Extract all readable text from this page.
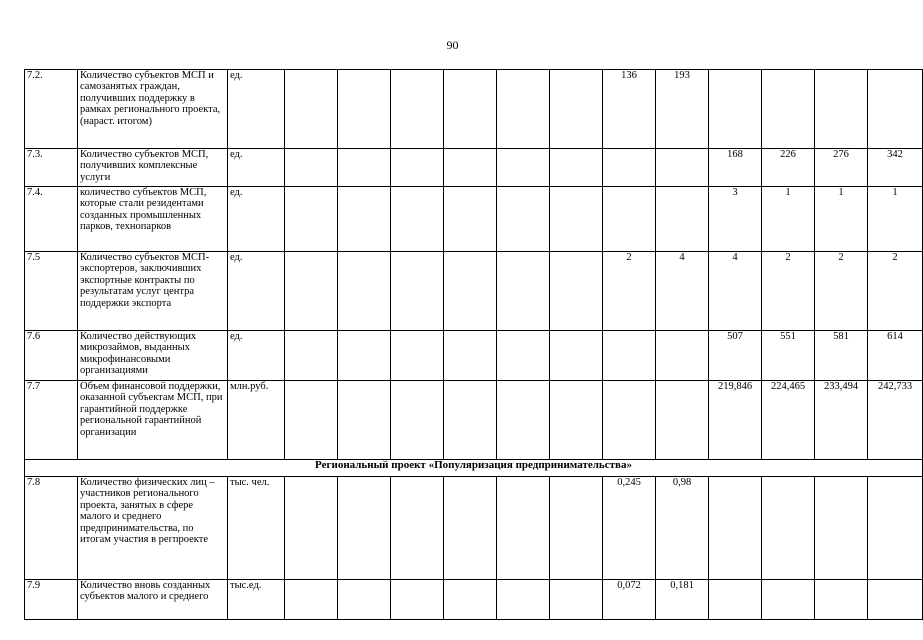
90
7.2.	Количество субъектов МСП и самозанятых граждан, получивших поддержку в рамках регионального проекта, (нараст. итогом)	ед.							136	193				
7.3.	Количество субъектов МСП, получивших комплексные услуги	ед.									168	226	276	342
7.4.	количество субъектов МСП, которые стали резидентами созданных промышленных парков, технопарков	ед.									3	1	1	1
7.5	Количество субъектов МСП-экспортеров, заключивших экспортные контракты по результатам услуг центра поддержки экспорта	ед.							2	4	4	2	2	2
7.6	Количество действующих микрозаймов, выданных микрофинансовыми организациями	ед.									507	551	581	614
7.7	Объем финансовой поддержки, оказанной субъектам МСП, при гарантийной поддержке региональной гарантийной организации	млн.руб.									219,846	224,465	233,494	242,733
Региональный проект «Популяризация предпринимательства»														
7.8	Количество физических лиц – участников регионального проекта, занятых в сфере малого и среднего предпринимательства, по итогам участия в регпроекте	тыс. чел.							0,245	0,98				
7.9	Количество вновь созданных субъектов малого и среднего	тыс.ед.							0,072	0,181				
